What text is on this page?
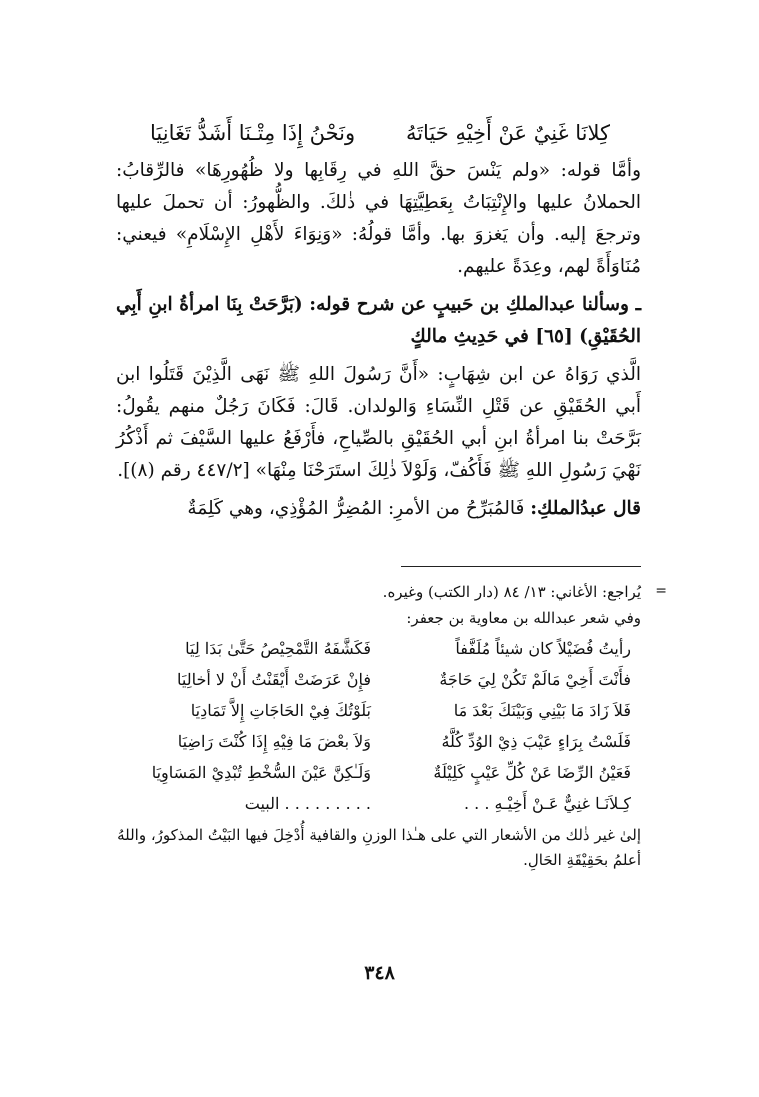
كِلانَا غَنِيٌ عَنْ أَخِيْهِ حَيَاتَهُ
ونَحْنُ إِذَا مِتْـنَا أَشَدُّ تَغَانِيَا

وأمَّا قوله: «ولم يَنْسَ حقَّ اللهِ في رِقَابِها ولا ظُهُورِهَا» فالرِّقابُ: الحملانُ عليها والإِنْتِبَاتُ بِعَطِيَّتِهَا في ذٰلكَ. والظُّهورُ: أن تحملَ عليها وترجعَ إليه. وأن يَغزوَ بها. وأمَّا قولُهُ: «وَنِوَاءَ لأَهْلِ الإِسْلَامِ» فيعني: مُنَاوَأَةً لهم، وعِدَةً عليهم.

ـ وسألنا عبدالملكِ بن حَبيبٍ عن شرح قوله: (بَرَّحَتْ بِنَا امرأةُ ابنِ أَبِي الحُقَيْقِ) [٦٥] في حَدِيثِ مالكٍ

الَّذي رَوَاهُ عن ابن شِهَابٍ: «أَنَّ رَسُولَ اللهِ ﷺ نَهَى الَّذِيْنَ قَتَلُوا ابن أَبي الحُقَيْقِ عن قَتْلِ النِّسَاءِ وَالولدان. قَالَ: فَكَانَ رَجُلٌ منهم يقُولُ: بَرَّحَتْ بنا امرأةُ ابنِ أبي الحُقَيْقِ بالصِّياحِ، فأَرْفَعُ عليها السَّيْفَ ثم أَذْكُرُ نَهْيَ رَسُولِ اللهِ ﷺ فَأَكُفّ، وَلَوْلاَ ذٰلِكَ استَرَحْنَا مِنْهَا» [٤٤٧/٢ رقم (٨)].

قال عبدُالملكِ: فَالمُبَرِّحُ من الأمرِ: المُضِرُّ المُؤْذِي، وهي كَلِمَةٌ

=

يُراجع: الأغاني: ١٣/ ٨٤ (دار الكتب) وغيره.

وفي شعر عبدالله بن معاوية بن جعفر:

رأيتُ فُضَيْلاً كان شيئاً مُلَفَّفاً
فَكَشَّفَهُ التَّمْحِيْصُ حَتَّىٰ بَدَا لِيَا
فأَنْتَ أَخِيْ مَالَمْ تَكُنْ لِيَ حَاجَةٌ
فإِنْ عَرَضَتْ أَيْقَنْتُ أَنْ لا أخالِيَا
فَلاَ زَادَ مَا بَيْنِي وَبَيْنَكَ بَعْدَ مَا
بَلَوْتُكَ فِيْ الحَاجَاتِ إِلاَّ تَمَادِيَا
فَلَسْتُ بِرَاءٍ عَيْبَ ذِيْ الوُدِّ كُلَّهُ
وَلاَ بعْضَ مَا فِيْهِ إِذَا كُنْتَ رَاضِيَا
فَعَيْنُ الرِّضَا عَنْ كُلِّ عَيْبٍ كَلِيْلَةٌ
وَلَـٰكِنَّ عَيْنَ السُّخْطِ تُبْدِيْ المَسَاوِيَا
كِـلاَنَـا غنِيٌّ عَـنْ أَخِيْـهِ . . .
. . . . . . . . . البيت

إلىٰ غير ذٰلك من الأشعار التي على هـٰذا الوزنِ والقافية أُدْخِلَ فيها البَيْتُ المذكورُ، واللهُ أعلمُ بحَقِيْقَةِ الحَالِ.

٣٤٨
